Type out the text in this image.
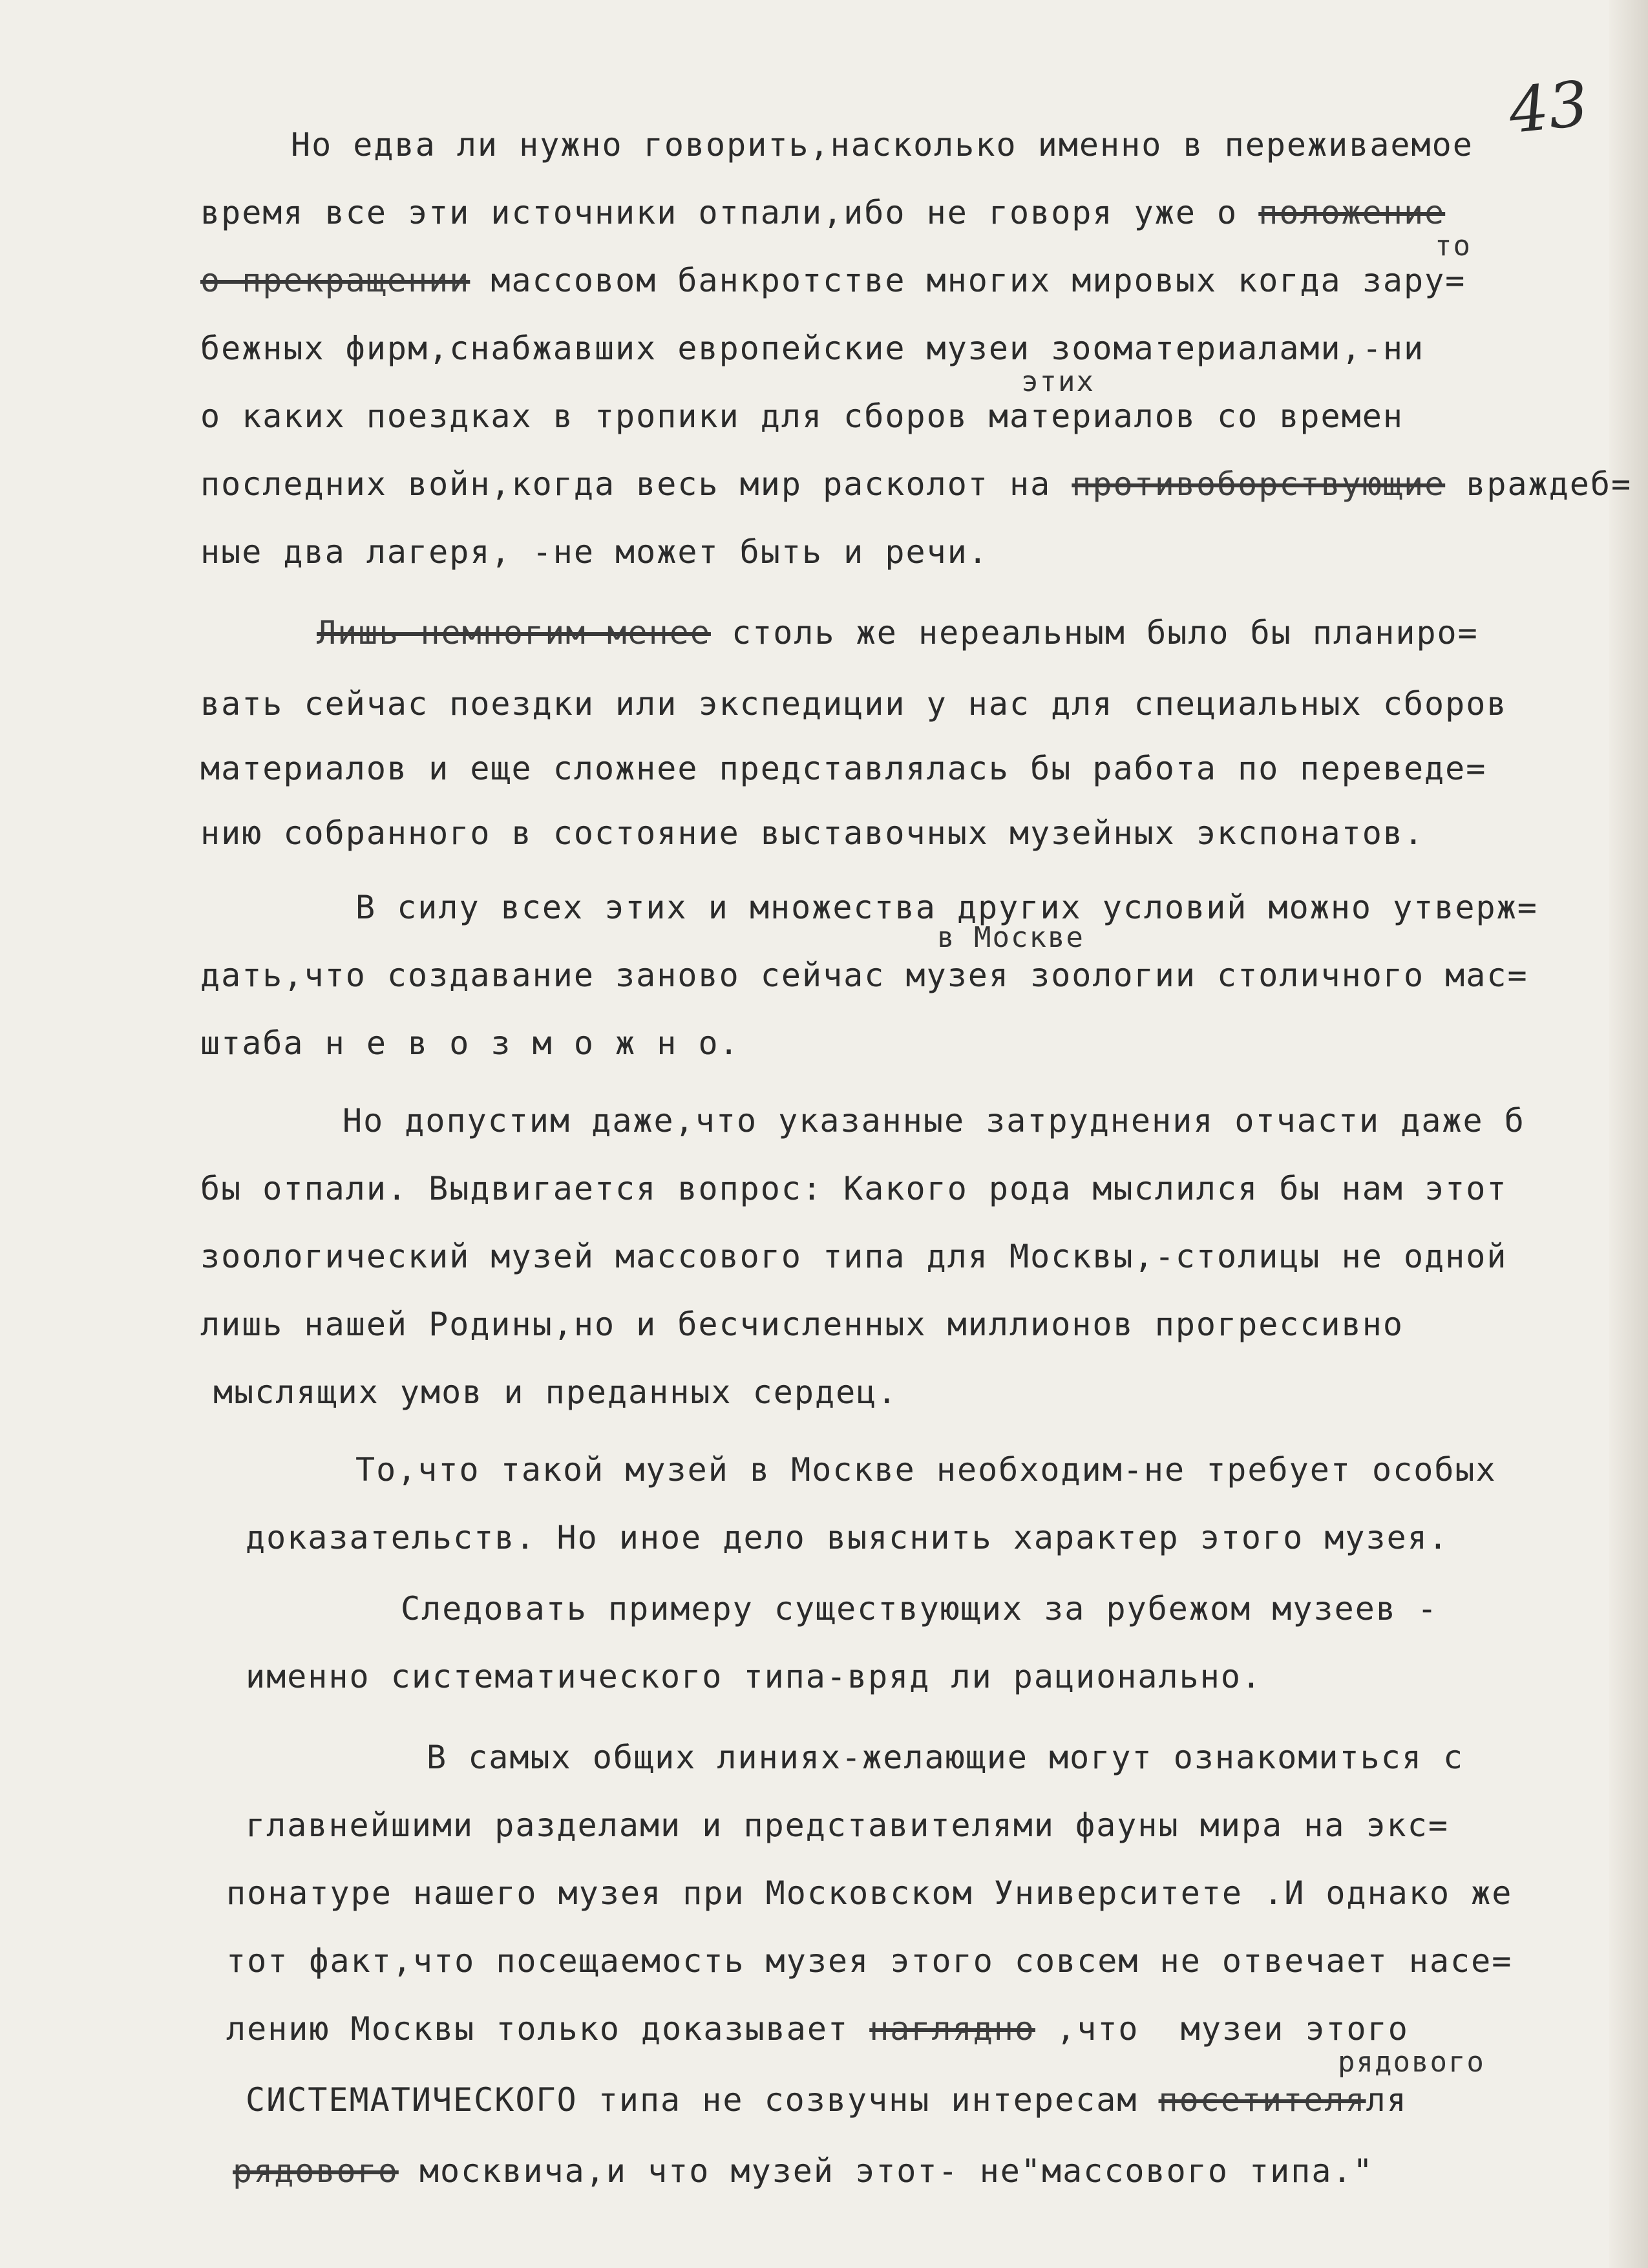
43
Но едва ли нужно говорить,насколько именно в переживаемое
время все эти источники отпали,ибо не говоря уже о положение
то
о прекращении массовом банкротстве многих мировых когда зару=
бежных фирм,снабжавших европейские музеи зооматериалами,-ни
этих
о каких поездках в тропики для сборов материалов со времен
последних войн,когда весь мир расколот на противоборствующие враждеб=
ные два лагеря, -не может быть и речи.
Лишь немногим менее столь же нереальным было бы планиро=
вать сейчас поездки или экспедиции у нас для специальных сборов
материалов и еще сложнее представлялась бы работа по переведе=
нию собранного в состояние выставочных музейных экспонатов.
В силу всех этих и множества других условий можно утверж=
в Москве
дать,что создавание заново сейчас музея зоологии столичного мас=
штаба н е в о з м о ж н о.
Но допустим даже,что указанные затруднения отчасти даже б
бы отпали. Выдвигается вопрос: Какого рода мыслился бы нам этот
зоологический музей массового типа для Москвы,-столицы не одной
лишь нашей Родины,но и бесчисленных миллионов прогрессивно
мыслящих умов и преданных сердец.
То,что такой музей в Москве необходим-не требует особых
доказательств. Но иное дело выяснить характер этого музея.
Следовать примеру существующих за рубежом музеев -
именно систематического типа-вряд ли рационально.
В самых общих линиях-желающие могут ознакомиться с
главнейшими разделами и представителями фауны мира на экс=
понатуре нашего музея при Московском Университете .И однако же
тот факт,что посещаемость музея этого совсем не отвечает насе=
лению Москвы только доказывает наглядно ,что  музеи этого
рядового
СИСТЕМАТИЧЕСКОГО типа не созвучны интересам посетителяля
рядового москвича,и что музей этот- не"массового типа."
